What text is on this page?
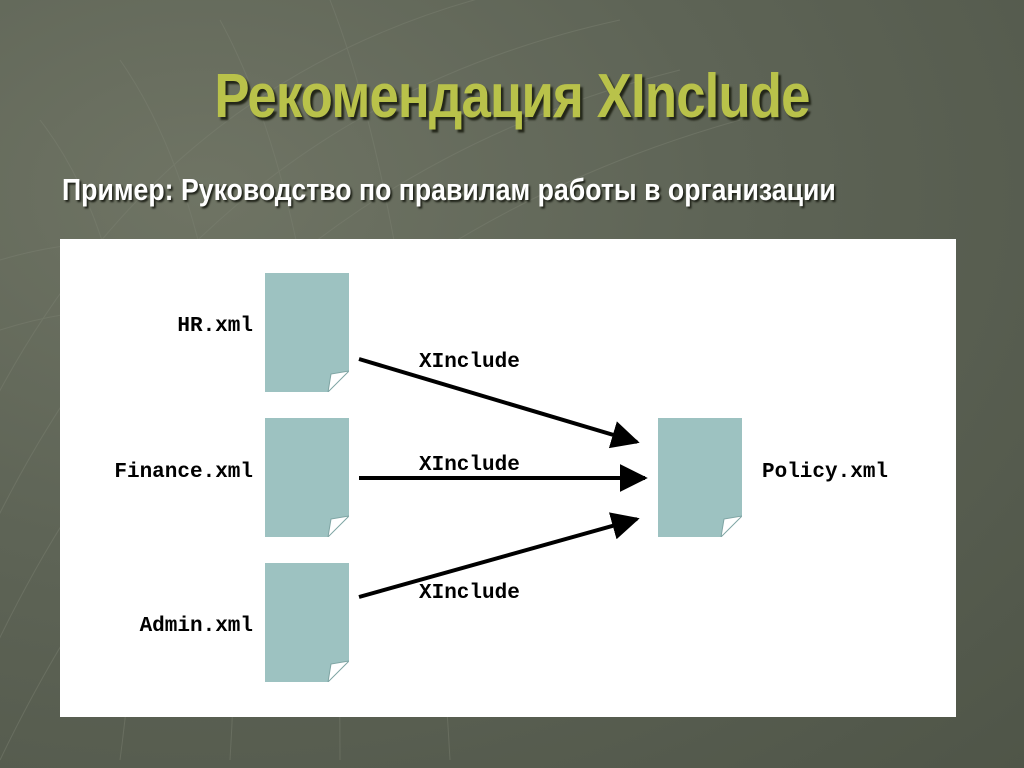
Рекомендация XInclude
Пример: Руководство по правилам работы в организации
HR.xml
Finance.xml
Admin.xml
Policy.xml
XInclude
XInclude
XInclude
